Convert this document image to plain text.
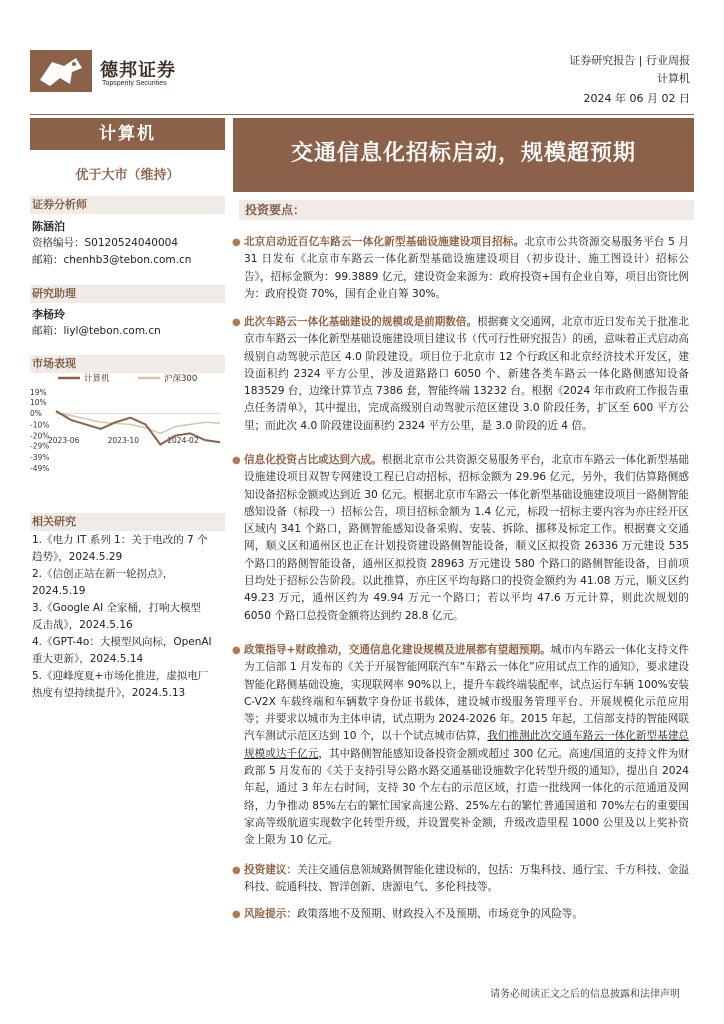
德邦证券
Topsperity Securities
证券研究报告 | 行业周报
计算机
2024 年 06 月 02 日
计算机
优于大市（维持）
证券分析师
陈涵泊
资格编号：S0120524040004
邮箱：chenhb3@tebon.com.cn
研究助理
李杨玲
邮箱：liyl@tebon.com.cn
市场表现
计算机	沪深300
19%
10%
0%
-10%
-20%
-29%
-39%
-49%
2023-06	2023-10	2024-02
相关研究
1.《电力 IT 系列 1：关于电改的 7 个
趋势》，2024.5.29
2.《信创正站在新一轮拐点》，
2024.5.19
3.《Google AI 全家桶，打响大模型
反击战》，2024.5.16
4.《GPT-4o：大模型风向标，OpenAI
重大更新》，2024.5.14
5.《迎峰度夏+市场化推进，虚拟电厂
热度有望持续提升》，2024.5.13
交通信息化招标启动，规模超预期
投资要点：
● 北京启动近百亿车路云一体化新型基础设施建设项目招标。北京市公共资源交易服务平台 5 月 31 日发布《北京市车路云一体化新型基础设施建设项目（初步设计、施工图设计）招标公告》，招标金额为：99.3889 亿元，建设资金来源为：政府投资+国有企业自筹，项目出资比例为：政府投资 70%，国有企业自筹 30%。
● 此次车路云一体化基础建设的规模或是前期数倍。根据赛文交通网，北京市近日发布关于批准北京市车路云一体化新型基础设施建设项目建议书（代可行性研究报告）的函，意味着正式启动高级别自动驾驶示范区 4.0 阶段建设。项目位于北京市 12 个行政区和北京经济技术开发区，建设面积约 2324 平方公里，涉及道路路口 6050 个、新建各类车路云一体化路侧感知设备 183529 台，边缘计算节点 7386 套，智能终端 13232 台。根据《2024 年市政府工作报告重点任务清单》，其中提出，完成高级别自动驾驶示范区建设 3.0 阶段任务，扩区至 600 平方公里；而此次 4.0 阶段建设面积约 2324 平方公里，是 3.0 阶段的近 4 倍。
● 信息化投资占比或达到六成。根据北京市公共资源交易服务平台，北京市车路云一体化新型基础设施建设项目双智专网建设工程已启动招标，招标金额为 29.96 亿元，另外，我们估算路侧感知设备招标金额或达到近 30 亿元。根据北京市车路云一体化新型基础设施建设项目一路侧智能感知设备（标段一）招标公告，项目招标金额为 1.4 亿元，标段一招标主要内容为亦庄经开区区域内 341 个路口，路侧智能感知设备采购、安装、拆除、挪移及标定工作。根据赛文交通网，顺义区和通州区也正在计划投资建设路侧智能设备，顺义区拟投资 26336 万元建设 535 个路口的路侧智能设备，通州区拟投资 28963 万元建设 580 个路口的路侧智能设备，目前项目均处于招标公告阶段。以此推算，亦庄区平均每路口的投资金额约为 41.08 万元，顺义区约 49.23 万元，通州区约为 49.94 万元一个路口；若以平均 47.6 万元计算，则此次规划的 6050 个路口总投资金额将达到约 28.8 亿元。
● 政策指导+财政推动，交通信息化建设规模及进展都有望超预期。城市内车路云一体化支持文件为工信部 1 月发布的《关于开展智能网联汽车“车路云一体化”应用试点工作的通知》，要求建设智能化路侧基础设施，实现联网率 90%以上，提升车载终端装配率，试点运行车辆 100%安装 C-V2X 车载终端和车辆数字身份证书载体，建设城市级服务管理平台、开展规模化示范应用等；并要求以城市为主体申请，试点期为 2024-2026 年。2015 年起，工信部支持的智能网联汽车测试示范区达到 10 个，以十个试点城市估算，我们推测此次交通车路云一体化新型基建总规模或达千亿元，其中路侧智能感知设备投资金额或超过 300 亿元。高速/国道的支持文件为财政部 5 月发布的《关于支持引导公路水路交通基础设施数字化转型升级的通知》，提出自 2024 年起，通过 3 年左右时间，支持 30 个左右的示范区域，打造一批线网一体化的示范通道及网络，力争推动 85%左右的繁忙国家高速公路、25%左右的繁忙普通国道和 70%左右的重要国家高等级航道实现数字化转型升级，并设置奖补金额，升级改造里程 1000 公里及以上奖补资金上限为 10 亿元。
● 投资建议：关注交通信息领域路侧智能化建设标的，包括：万集科技、通行宝、千方科技、金溢科技、皖通科技、智洋创新、唐源电气、多伦科技等。
● 风险提示：政策落地不及预期、财政投入不及预期、市场竞争的风险等。
请务必阅读正文之后的信息披露和法律声明
